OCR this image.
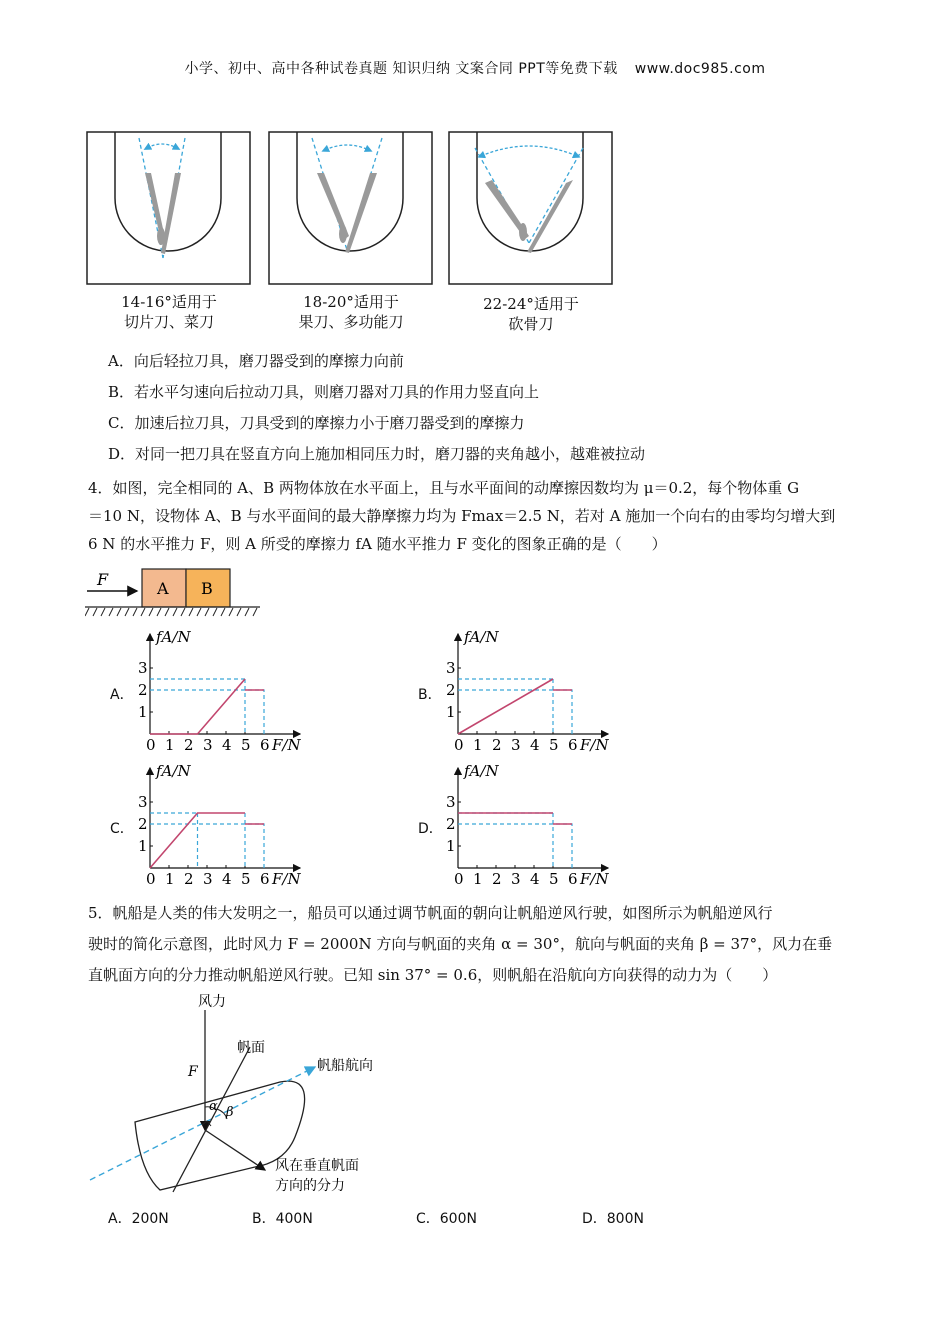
小学、初中、高中各种试卷真题 知识归纳 文案合同 PPT等免费下载 www.doc985.com
14-16°适用于
切片刀、菜刀
18-20°适用于
果刀、多功能刀
22-24°适用于
砍骨刀
A．向后轻拉刀具，磨刀器受到的摩擦力向前
B．若水平匀速向后拉动刀具，则磨刀器对刀具的作用力竖直向上
C．加速后拉刀具，刀具受到的摩擦力小于磨刀器受到的摩擦力
D．对同一把刀具在竖直方向上施加相同压力时，磨刀器的夹角越小，越难被拉动
4．如图，完全相同的 A、B 两物体放在水平面上，且与水平面间的动摩擦因数均为 μ＝0.2，每个物体重 G
＝10 N，设物体 A、B 与水平面间的最大静摩擦力均为 Fmax＝2.5 N，若对 A 施加一个向右的由零均匀增大到
6 N 的水平推力 F，则 A 所受的摩擦力 fA 随水平推力 F 变化的图象正确的是（　　）
F	A B
A．	B．
C．	D．
0 1 2 3 4 5 6
1
2
3
fA/N
F/N	0 1 2 3 4 5 6
1
2
3
fA/N
F/N
0 1 2 3 4 5 6
1
2
3
fA/N
F/N	0 1 2 3 4 5 6
1
2
3
fA/N
F/N
5．帆船是人类的伟大发明之一，船员可以通过调节帆面的朝向让帆船逆风行驶，如图所示为帆船逆风行
驶时的简化示意图，此时风力 F = 2000N 方向与帆面的夹角 α = 30°，航向与帆面的夹角 β = 37°，风力在垂
直帆面方向的分力推动帆船逆风行驶。已知 sin 37° = 0.6，则帆船在沿航向方向获得的动力为（　　）
风力
帆面
帆船航向
F
α β
风在垂直帆面
方向的分力
A．200N	B．400N	C．600N	D．800N
